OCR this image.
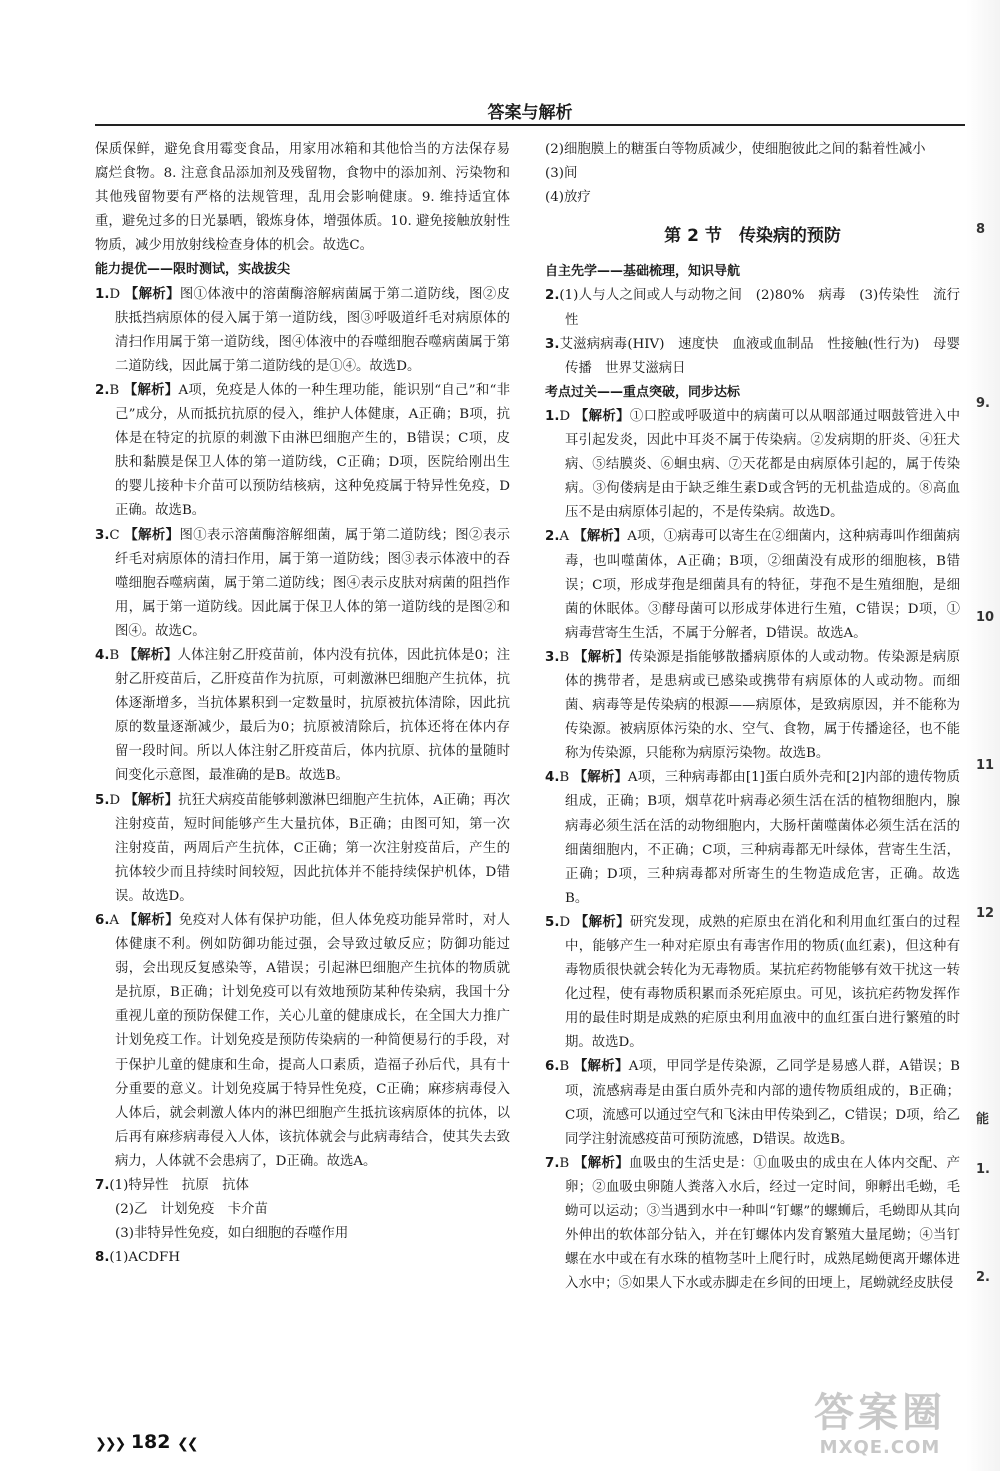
答案与解析

保质保鲜，避免食用霉变食品，用家用冰箱和其他恰当的方法保存易腐烂食物。8. 注意食品添加剂及残留物，食物中的添加剂、污染物和其他残留物要有严格的法规管理，乱用会影响健康。9. 维持适宜体重，避免过多的日光暴晒，锻炼身体，增强体质。10. 避免接触放射性物质，减少用放射线检查身体的机会。故选C。

能力提优——限时测试，实战拔尖

1.D 【解析】图①体液中的溶菌酶溶解病菌属于第二道防线，图②皮肤抵挡病原体的侵入属于第一道防线，图③呼吸道纤毛对病原体的清扫作用属于第一道防线，图④体液中的吞噬细胞吞噬病菌属于第二道防线，因此属于第二道防线的是①④。故选D。

2.B 【解析】A项，免疫是人体的一种生理功能，能识别“自己”和“非己”成分，从而抵抗抗原的侵入，维护人体健康，A正确；B项，抗体是在特定的抗原的刺激下由淋巴细胞产生的，B错误；C项，皮肤和黏膜是保卫人体的第一道防线，C正确；D项，医院给刚出生的婴儿接种卡介苗可以预防结核病，这种免疫属于特异性免疫，D正确。故选B。

3.C 【解析】图①表示溶菌酶溶解细菌，属于第二道防线；图②表示纤毛对病原体的清扫作用，属于第一道防线；图③表示体液中的吞噬细胞吞噬病菌，属于第二道防线；图④表示皮肤对病菌的阻挡作用，属于第一道防线。因此属于保卫人体的第一道防线的是图②和图④。故选C。

4.B 【解析】人体注射乙肝疫苗前，体内没有抗体，因此抗体是0；注射乙肝疫苗后，乙肝疫苗作为抗原，可刺激淋巴细胞产生抗体，抗体逐渐增多，当抗体累积到一定数量时，抗原被抗体清除，因此抗原的数量逐渐减少，最后为0；抗原被清除后，抗体还将在体内存留一段时间。所以人体注射乙肝疫苗后，体内抗原、抗体的量随时间变化示意图，最准确的是B。故选B。

5.D 【解析】抗狂犬病疫苗能够刺激淋巴细胞产生抗体，A正确；再次注射疫苗，短时间能够产生大量抗体，B正确；由图可知，第一次注射疫苗，两周后产生抗体，C正确；第一次注射疫苗后，产生的抗体较少而且持续时间较短，因此抗体并不能持续保护机体，D错误。故选D。

6.A 【解析】免疫对人体有保护功能，但人体免疫功能异常时，对人体健康不利。例如防御功能过强，会导致过敏反应；防御功能过弱，会出现反复感染等，A错误；引起淋巴细胞产生抗体的物质就是抗原，B正确；计划免疫可以有效地预防某种传染病，我国十分重视儿童的预防保健工作，关心儿童的健康成长，在全国大力推广计划免疫工作。计划免疫是预防传染病的一种简便易行的手段，对于保护儿童的健康和生命，提高人口素质，造福子孙后代，具有十分重要的意义。计划免疫属于特异性免疫，C正确；麻疹病毒侵入人体后，就会刺激人体内的淋巴细胞产生抵抗该病原体的抗体，以后再有麻疹病毒侵入人体，该抗体就会与此病毒结合，使其失去致病力，人体就不会患病了，D正确。故选A。

7.(1)特异性　抗原　抗体

(2)乙　计划免疫　卡介苗

(3)非特异性免疫，如白细胞的吞噬作用

8.(1)ACDFH

(2)细胞膜上的糖蛋白等物质减少，使细胞彼此之间的黏着性减小

(3)间

(4)放疗

第 2 节　传染病的预防

自主先学——基础梳理，知识导航

2.(1)人与人之间或人与动物之间　(2)80%　病毒　(3)传染性　流行性

3.艾滋病病毒(HIV)　速度快　血液或血制品　性接触(性行为)　母婴传播　世界艾滋病日

考点过关——重点突破，同步达标

1.D 【解析】①口腔或呼吸道中的病菌可以从咽部通过咽鼓管进入中耳引起发炎，因此中耳炎不属于传染病。②发病期的肝炎、④狂犬病、⑤结膜炎、⑥蛔虫病、⑦天花都是由病原体引起的，属于传染病。③佝偻病是由于缺乏维生素D或含钙的无机盐造成的。⑧高血压不是由病原体引起的，不是传染病。故选D。

2.A 【解析】A项，①病毒可以寄生在②细菌内，这种病毒叫作细菌病毒，也叫噬菌体，A正确；B项，②细菌没有成形的细胞核，B错误；C项，形成芽孢是细菌具有的特征，芽孢不是生殖细胞，是细菌的休眠体。③酵母菌可以形成芽体进行生殖，C错误；D项，①病毒营寄生生活，不属于分解者，D错误。故选A。

3.B 【解析】传染源是指能够散播病原体的人或动物。传染源是病原体的携带者，是患病或已感染或携带有病原体的人或动物。而细菌、病毒等是传染病的根源——病原体，是致病原因，并不能称为传染源。被病原体污染的水、空气、食物，属于传播途径，也不能称为传染源，只能称为病原污染物。故选B。

4.B 【解析】A项，三种病毒都由[1]蛋白质外壳和[2]内部的遗传物质组成，正确；B项，烟草花叶病毒必须生活在活的植物细胞内，腺病毒必须生活在活的动物细胞内，大肠杆菌噬菌体必须生活在活的细菌细胞内，不正确；C项，三种病毒都无叶绿体，营寄生生活，正确；D项，三种病毒都对所寄生的生物造成危害，正确。故选B。

5.D 【解析】研究发现，成熟的疟原虫在消化和利用血红蛋白的过程中，能够产生一种对疟原虫有毒害作用的物质(血红素)，但这种有毒物质很快就会转化为无毒物质。某抗疟药物能够有效干扰这一转化过程，使有毒物质积累而杀死疟原虫。可见，该抗疟药物发挥作用的最佳时期是成熟的疟原虫利用血液中的血红蛋白进行繁殖的时期。故选D。

6.B 【解析】A项，甲同学是传染源，乙同学是易感人群，A错误；B项，流感病毒是由蛋白质外壳和内部的遗传物质组成的，B正确；C项，流感可以通过空气和飞沫由甲传染到乙，C错误；D项，给乙同学注射流感疫苗可预防流感，D错误。故选B。

7.B 【解析】血吸虫的生活史是：①血吸虫的成虫在人体内交配、产卵；②血吸虫卵随人粪落入水后，经过一定时间，卵孵出毛蚴，毛蚴可以运动；③当遇到水中一种叫“钉螺”的螺蛳后，毛蚴即从其向外伸出的软体部分钻入，并在钉螺体内发育繁殖大量尾蚴；④当钉螺在水中或在有水珠的植物茎叶上爬行时，成熟尾蚴便离开螺体进入水中；⑤如果人下水或赤脚走在乡间的田埂上，尾蚴就经皮肤侵

❯❯❯ 182 ❮❮
8
9.
10
11
12
能
1.
2.
答案圈
MXQE.COM
